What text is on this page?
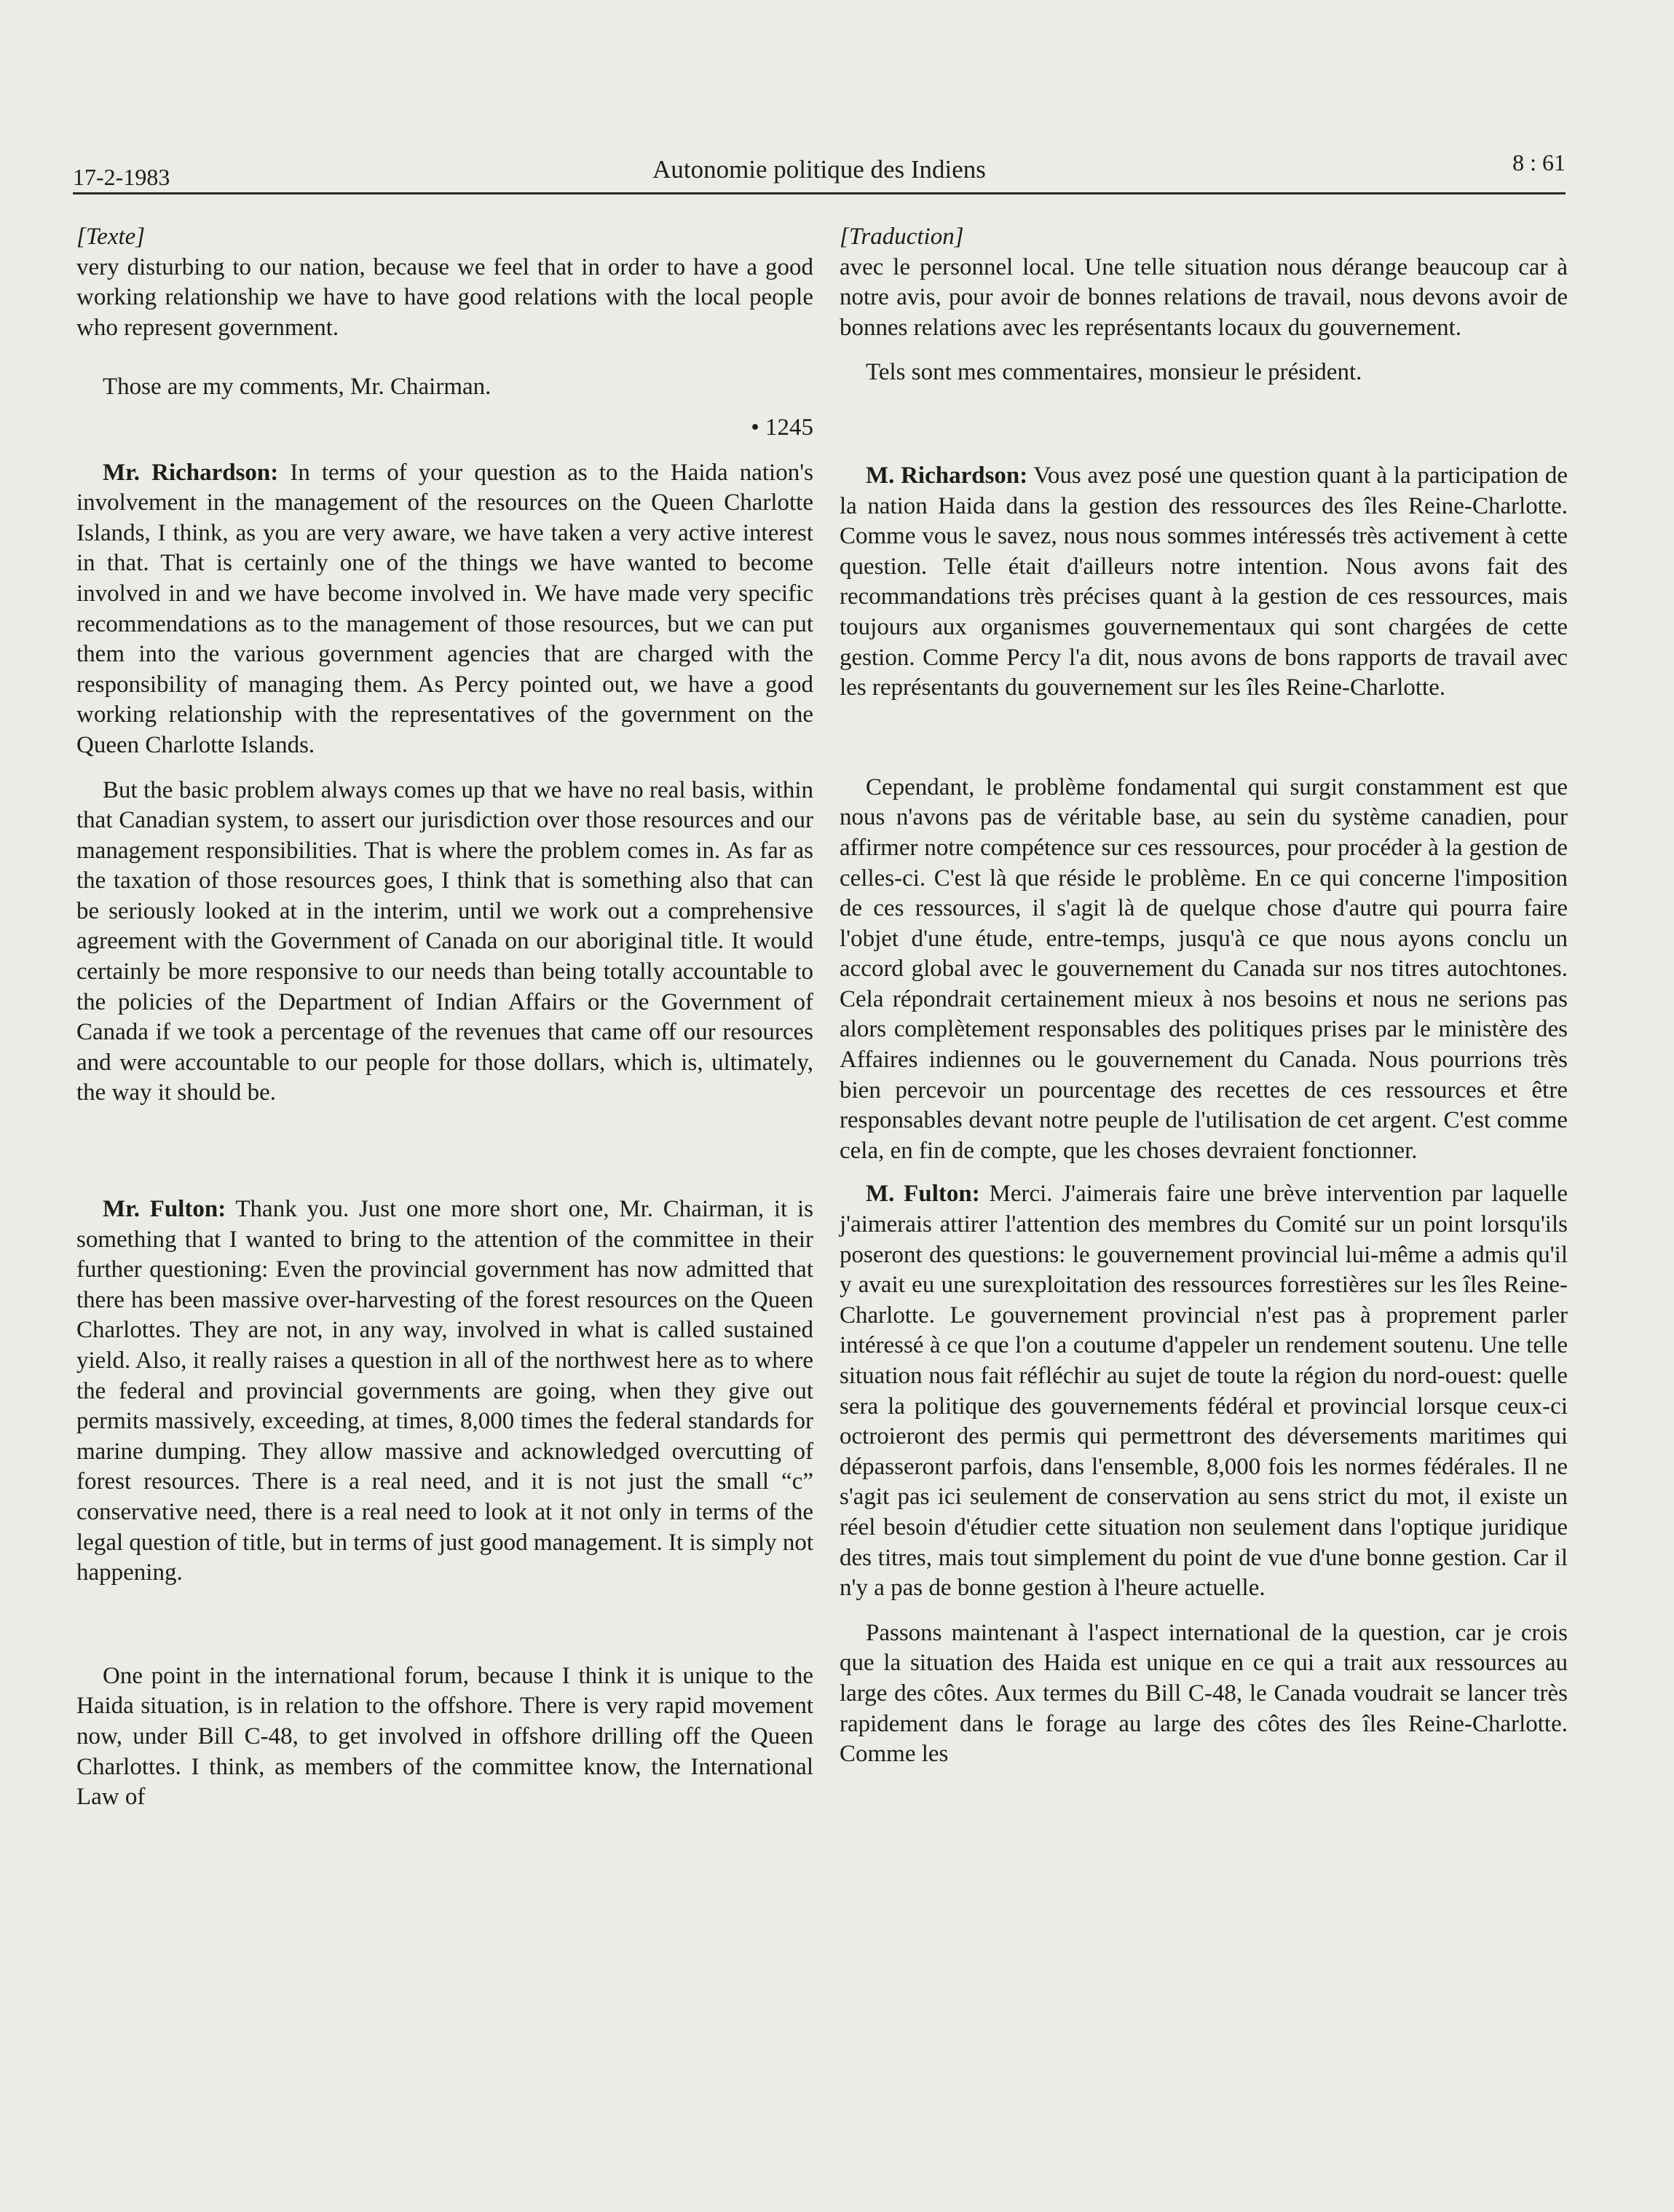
17-2-1983	Autonomie politique des Indiens	8 : 61

[Texte]

very disturbing to our nation, because we feel that in order to have a good working relationship we have to have good relations with the local people who represent government.

Those are my comments, Mr. Chairman.

• 1245

Mr. Richardson: In terms of your question as to the Haida nation's involvement in the management of the resources on the Queen Charlotte Islands, I think, as you are very aware, we have taken a very active interest in that. That is certainly one of the things we have wanted to become involved in and we have become involved in. We have made very specific recommendations as to the management of those resources, but we can put them into the various government agencies that are charged with the responsibility of managing them. As Percy pointed out, we have a good working relationship with the representatives of the government on the Queen Charlotte Islands.

But the basic problem always comes up that we have no real basis, within that Canadian system, to assert our jurisdiction over those resources and our management responsibilities. That is where the problem comes in. As far as the taxation of those resources goes, I think that is something also that can be seriously looked at in the interim, until we work out a comprehensive agreement with the Government of Canada on our aboriginal title. It would certainly be more responsive to our needs than being totally accountable to the policies of the Department of Indian Affairs or the Government of Canada if we took a percentage of the revenues that came off our resources and were accountable to our people for those dollars, which is, ultimately, the way it should be.

Mr. Fulton: Thank you. Just one more short one, Mr. Chairman, it is something that I wanted to bring to the attention of the committee in their further questioning: Even the provincial government has now admitted that there has been massive over-harvesting of the forest resources on the Queen Charlottes. They are not, in any way, involved in what is called sustained yield. Also, it really raises a question in all of the northwest here as to where the federal and provincial governments are going, when they give out permits massively, exceeding, at times, 8,000 times the federal standards for marine dumping. They allow massive and acknowledged overcutting of forest resources. There is a real need, and it is not just the small “c” conservative need, there is a real need to look at it not only in terms of the legal question of title, but in terms of just good management. It is simply not happening.

One point in the international forum, because I think it is unique to the Haida situation, is in relation to the offshore. There is very rapid movement now, under Bill C-48, to get involved in offshore drilling off the Queen Charlottes. I think, as members of the committee know, the International Law of

[Traduction]

avec le personnel local. Une telle situation nous dérange beaucoup car à notre avis, pour avoir de bonnes relations de travail, nous devons avoir de bonnes relations avec les représentants locaux du gouvernement.

Tels sont mes commentaires, monsieur le président.

M. Richardson: Vous avez posé une question quant à la participation de la nation Haida dans la gestion des ressources des îles Reine-Charlotte. Comme vous le savez, nous nous sommes intéressés très activement à cette question. Telle était d'ailleurs notre intention. Nous avons fait des recommandations très précises quant à la gestion de ces ressources, mais toujours aux organismes gouvernementaux qui sont chargées de cette gestion. Comme Percy l'a dit, nous avons de bons rapports de travail avec les représentants du gouvernement sur les îles Reine-Charlotte.

Cependant, le problème fondamental qui surgit constamment est que nous n'avons pas de véritable base, au sein du système canadien, pour affirmer notre compétence sur ces ressources, pour procéder à la gestion de celles-ci. C'est là que réside le problème. En ce qui concerne l'imposition de ces ressources, il s'agit là de quelque chose d'autre qui pourra faire l'objet d'une étude, entre-temps, jusqu'à ce que nous ayons conclu un accord global avec le gouvernement du Canada sur nos titres autochtones. Cela répondrait certainement mieux à nos besoins et nous ne serions pas alors complètement responsables des politiques prises par le ministère des Affaires indiennes ou le gouvernement du Canada. Nous pourrions très bien percevoir un pourcentage des recettes de ces ressources et être responsables devant notre peuple de l'utilisation de cet argent. C'est comme cela, en fin de compte, que les choses devraient fonctionner.

M. Fulton: Merci. J'aimerais faire une brève intervention par laquelle j'aimerais attirer l'attention des membres du Comité sur un point lorsqu'ils poseront des questions: le gouvernement provincial lui-même a admis qu'il y avait eu une surexploitation des ressources forrestières sur les îles Reine-Charlotte. Le gouvernement provincial n'est pas à proprement parler intéressé à ce que l'on a coutume d'appeler un rendement soutenu. Une telle situation nous fait réfléchir au sujet de toute la région du nord-ouest: quelle sera la politique des gouvernements fédéral et provincial lorsque ceux-ci octroieront des permis qui permettront des déversements maritimes qui dépasseront parfois, dans l'ensemble, 8,000 fois les normes fédérales. Il ne s'agit pas ici seulement de conservation au sens strict du mot, il existe un réel besoin d'étudier cette situation non seulement dans l'optique juridique des titres, mais tout simplement du point de vue d'une bonne gestion. Car il n'y a pas de bonne gestion à l'heure actuelle.

Passons maintenant à l'aspect international de la question, car je crois que la situation des Haida est unique en ce qui a trait aux ressources au large des côtes. Aux termes du Bill C-48, le Canada voudrait se lancer très rapidement dans le forage au large des côtes des îles Reine-Charlotte. Comme les
